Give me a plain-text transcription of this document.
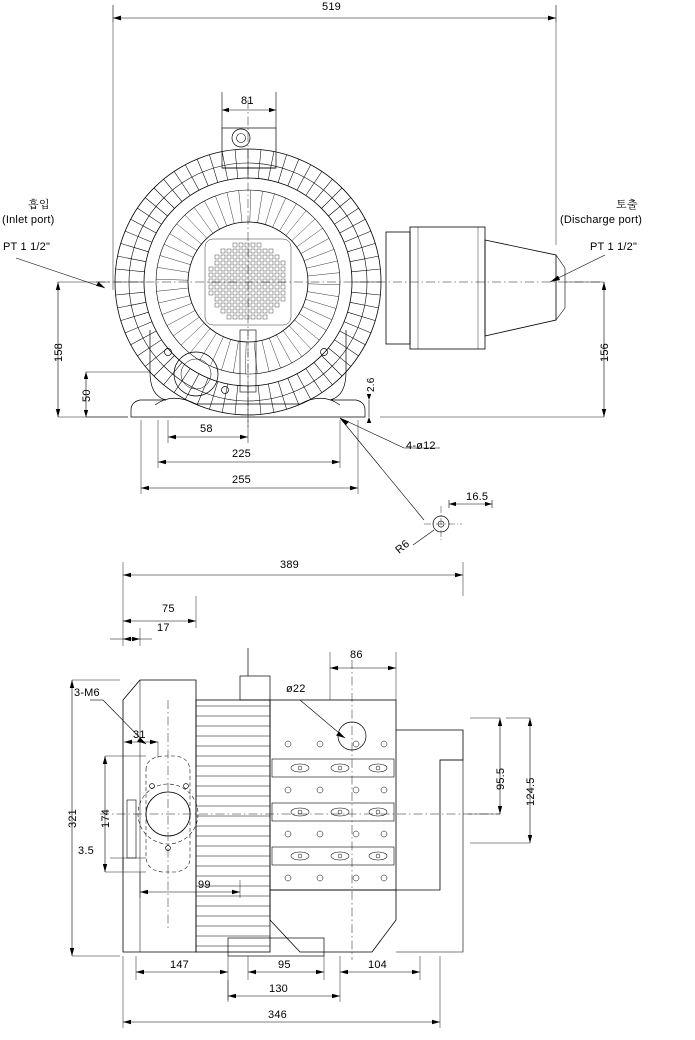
519
81
흡입
(Inlet port)
PT 1 1/2"
토출
(Discharge port)
PT 1 1/2"
158
50
156
2.6
58
225
255
4-ø12
16.5
R6
389
75
17
86
ø22
3-M6
31
174
321
3.5
99
95.5 124.5
147	95	104
130
346
